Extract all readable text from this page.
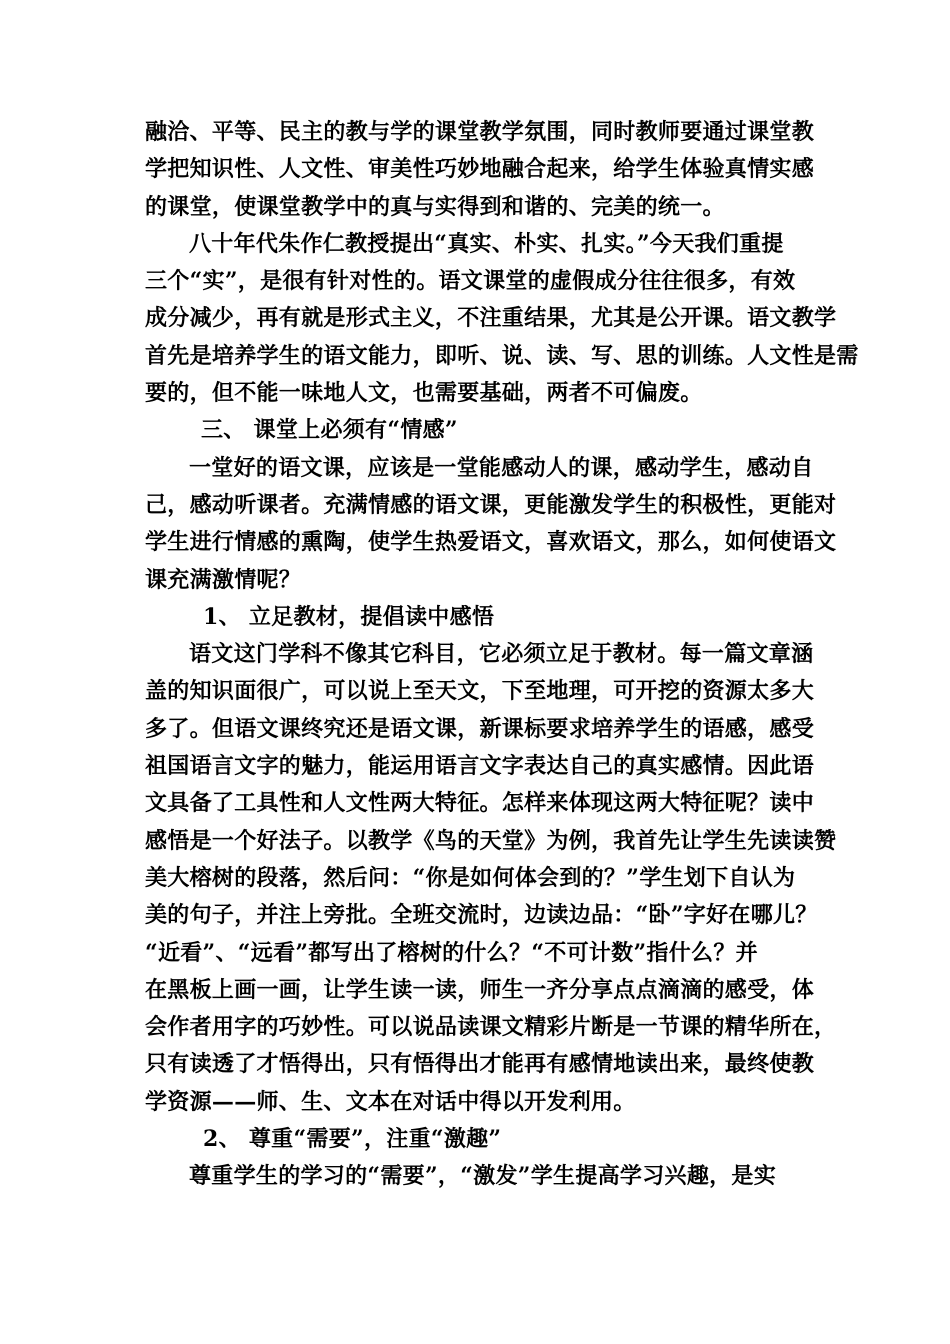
融洽、平等、民主的教与学的课堂教学氛围，同时教师要通过课堂教
学把知识性、人文性、审美性巧妙地融合起来，给学生体验真情实感
的课堂，使课堂教学中的真与实得到和谐的、完美的统一。
八十年代朱作仁教授提出“真实、朴实、扎实。”今天我们重提
三个“实”，是很有针对性的。语文课堂的虚假成分往往很多，有效
成分减少，再有就是形式主义，不注重结果，尤其是公开课。语文教学
首先是培养学生的语文能力，即听、说、读、写、思的训练。人文性是需
要的，但不能一味地人文，也需要基础，两者不可偏废。
三、 课堂上必须有“情感”
一堂好的语文课，应该是一堂能感动人的课，感动学生，感动自
己，感动听课者。充满情感的语文课，更能激发学生的积极性，更能对
学生进行情感的熏陶，使学生热爱语文，喜欢语文，那么，如何使语文
课充满激情呢？
1、 立足教材，提倡读中感悟
语文这门学科不像其它科目，它必须立足于教材。每一篇文章涵
盖的知识面很广，可以说上至天文，下至地理，可开挖的资源太多大
多了。但语文课终究还是语文课，新课标要求培养学生的语感，感受
祖国语言文字的魅力，能运用语言文字表达自己的真实感情。因此语
文具备了工具性和人文性两大特征。怎样来体现这两大特征呢？读中
感悟是一个好法子。以教学《鸟的天堂》为例，我首先让学生先读读赞
美大榕树的段落，然后问：“你是如何体会到的？”学生划下自认为
美的句子，并注上旁批。全班交流时，边读边品：“卧”字好在哪儿？
“近看”、“远看”都写出了榕树的什么？“不可计数”指什么？并
在黑板上画一画，让学生读一读，师生一齐分享点点滴滴的感受，体
会作者用字的巧妙性。可以说品读课文精彩片断是一节课的精华所在，
只有读透了才悟得出，只有悟得出才能再有感情地读出来，最终使教
学资源——师、生、文本在对话中得以开发利用。
2、 尊重“需要”，注重“激趣”
尊重学生的学习的“需要”，“激发”学生提高学习兴趣，是实
